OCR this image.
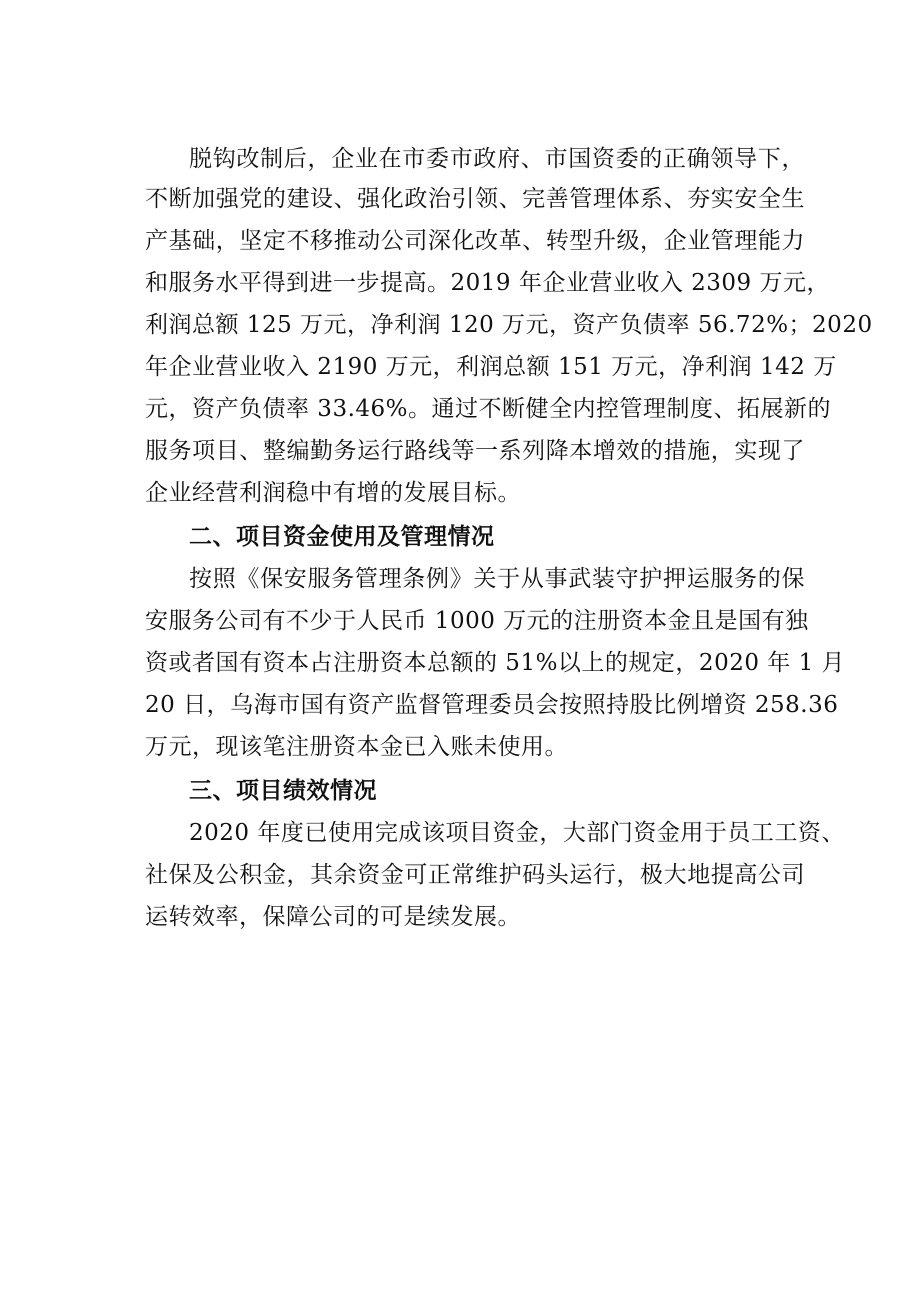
脱钩改制后，企业在市委市政府、市国资委的正确领导下，
不断加强党的建设、强化政治引领、完善管理体系、夯实安全生
产基础，坚定不移推动公司深化改革、转型升级，企业管理能力
和服务水平得到进一步提高。2019 年企业营业收入 2309 万元，
利润总额 125 万元，净利润 120 万元，资产负债率 56.72%；2020
年企业营业收入 2190 万元，利润总额 151 万元，净利润 142 万
元，资产负债率 33.46%。通过不断健全内控管理制度、拓展新的
服务项目、整编勤务运行路线等一系列降本增效的措施，实现了
企业经营利润稳中有增的发展目标。
二、项目资金使用及管理情况
按照《保安服务管理条例》关于从事武装守护押运服务的保
安服务公司有不少于人民币 1000 万元的注册资本金且是国有独
资或者国有资本占注册资本总额的 51%以上的规定，2020 年 1 月
20 日，乌海市国有资产监督管理委员会按照持股比例增资 258.36
万元，现该笔注册资本金已入账未使用。
三、项目绩效情况
2020 年度已使用完成该项目资金，大部门资金用于员工工资、
社保及公积金，其余资金可正常维护码头运行，极大地提高公司
运转效率，保障公司的可是续发展。
